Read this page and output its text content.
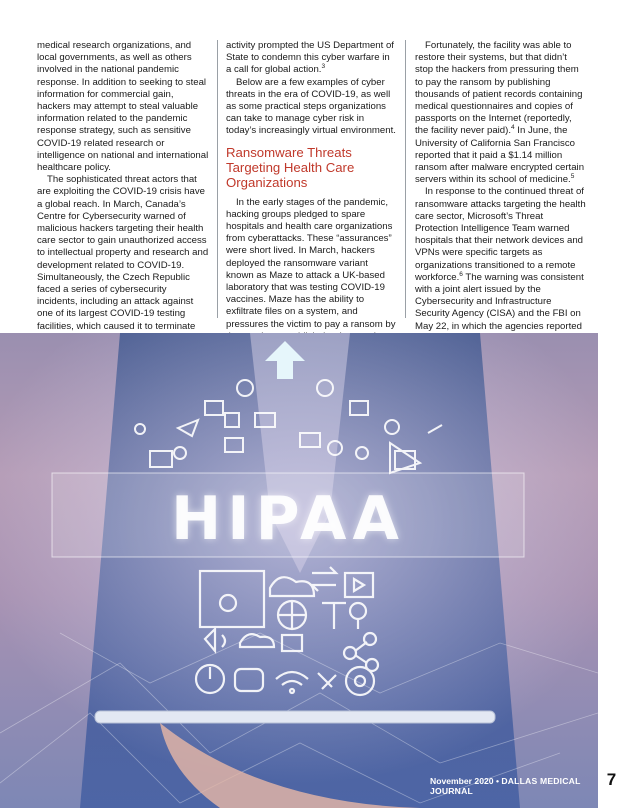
medical research organizations, and local governments, as well as others involved in the national pandemic response. In addition to seeking to steal information for commercial gain, hackers may attempt to steal valuable information related to the pandemic response strategy, such as sensitive COVID-19 related research or intelligence on national and international healthcare policy.

The sophisticated threat actors that are exploiting the COVID-19 crisis have a global reach. In March, Canada’s Centre for Cybersecurity warned of malicious hackers targeting their health care sector to gain unauthorized access to intellectual property and research and development related to COVID-19. Simultaneously, the Czech Republic faced a series of cybersecurity incidents, including an attack against one of its largest COVID-19 testing facilities, which caused it to terminate

activity prompted the US Department of State to condemn this cyber warfare in a call for global action.$^3$

Below are a few examples of cyber threats in the era of COVID-19, as well as some practical steps organizations can take to manage cyber risk in today’s increasingly virtual environment.

Ransomware Threats Targeting Health Care Organizations

In the early stages of the pandemic, hacking groups pledged to spare hospitals and health care organizations from cyberattacks. These “assurances” were short lived. In March, hackers deployed the ransomware variant known as Maze to attack a UK-based laboratory that was testing COVID-19 vaccines. Maze has the ability to exfiltrate files on a system, and pressures the victim to pay a ransom by

Fortunately, the facility was able to restore their systems, but that didn’t stop the hackers from pressuring them to pay the ransom by publishing thousands of patient records containing medical questionnaires and copies of passports on the Internet (reportedly, the facility never paid).$^4$ In June, the University of California San Francisco reported that it paid a $1.14 million ransom after malware encrypted certain servers within its school of medicine.$^5$

In response to the continued threat of ransomware attacks targeting the health care sector, Microsoft’s Threat Protection Intelligence Team warned hospitals that their network devices and VPNs were specific targets as organizations transitioned to a remote workforce.$^6$ The warning was consistent with a joint alert issued by the Cybersecurity and Infrastructure Security Agency (CISA) and the FBI on May 22, in which the agencies reported

HIPAA
November 2020 • DALLAS MEDICAL JOURNAL
7
